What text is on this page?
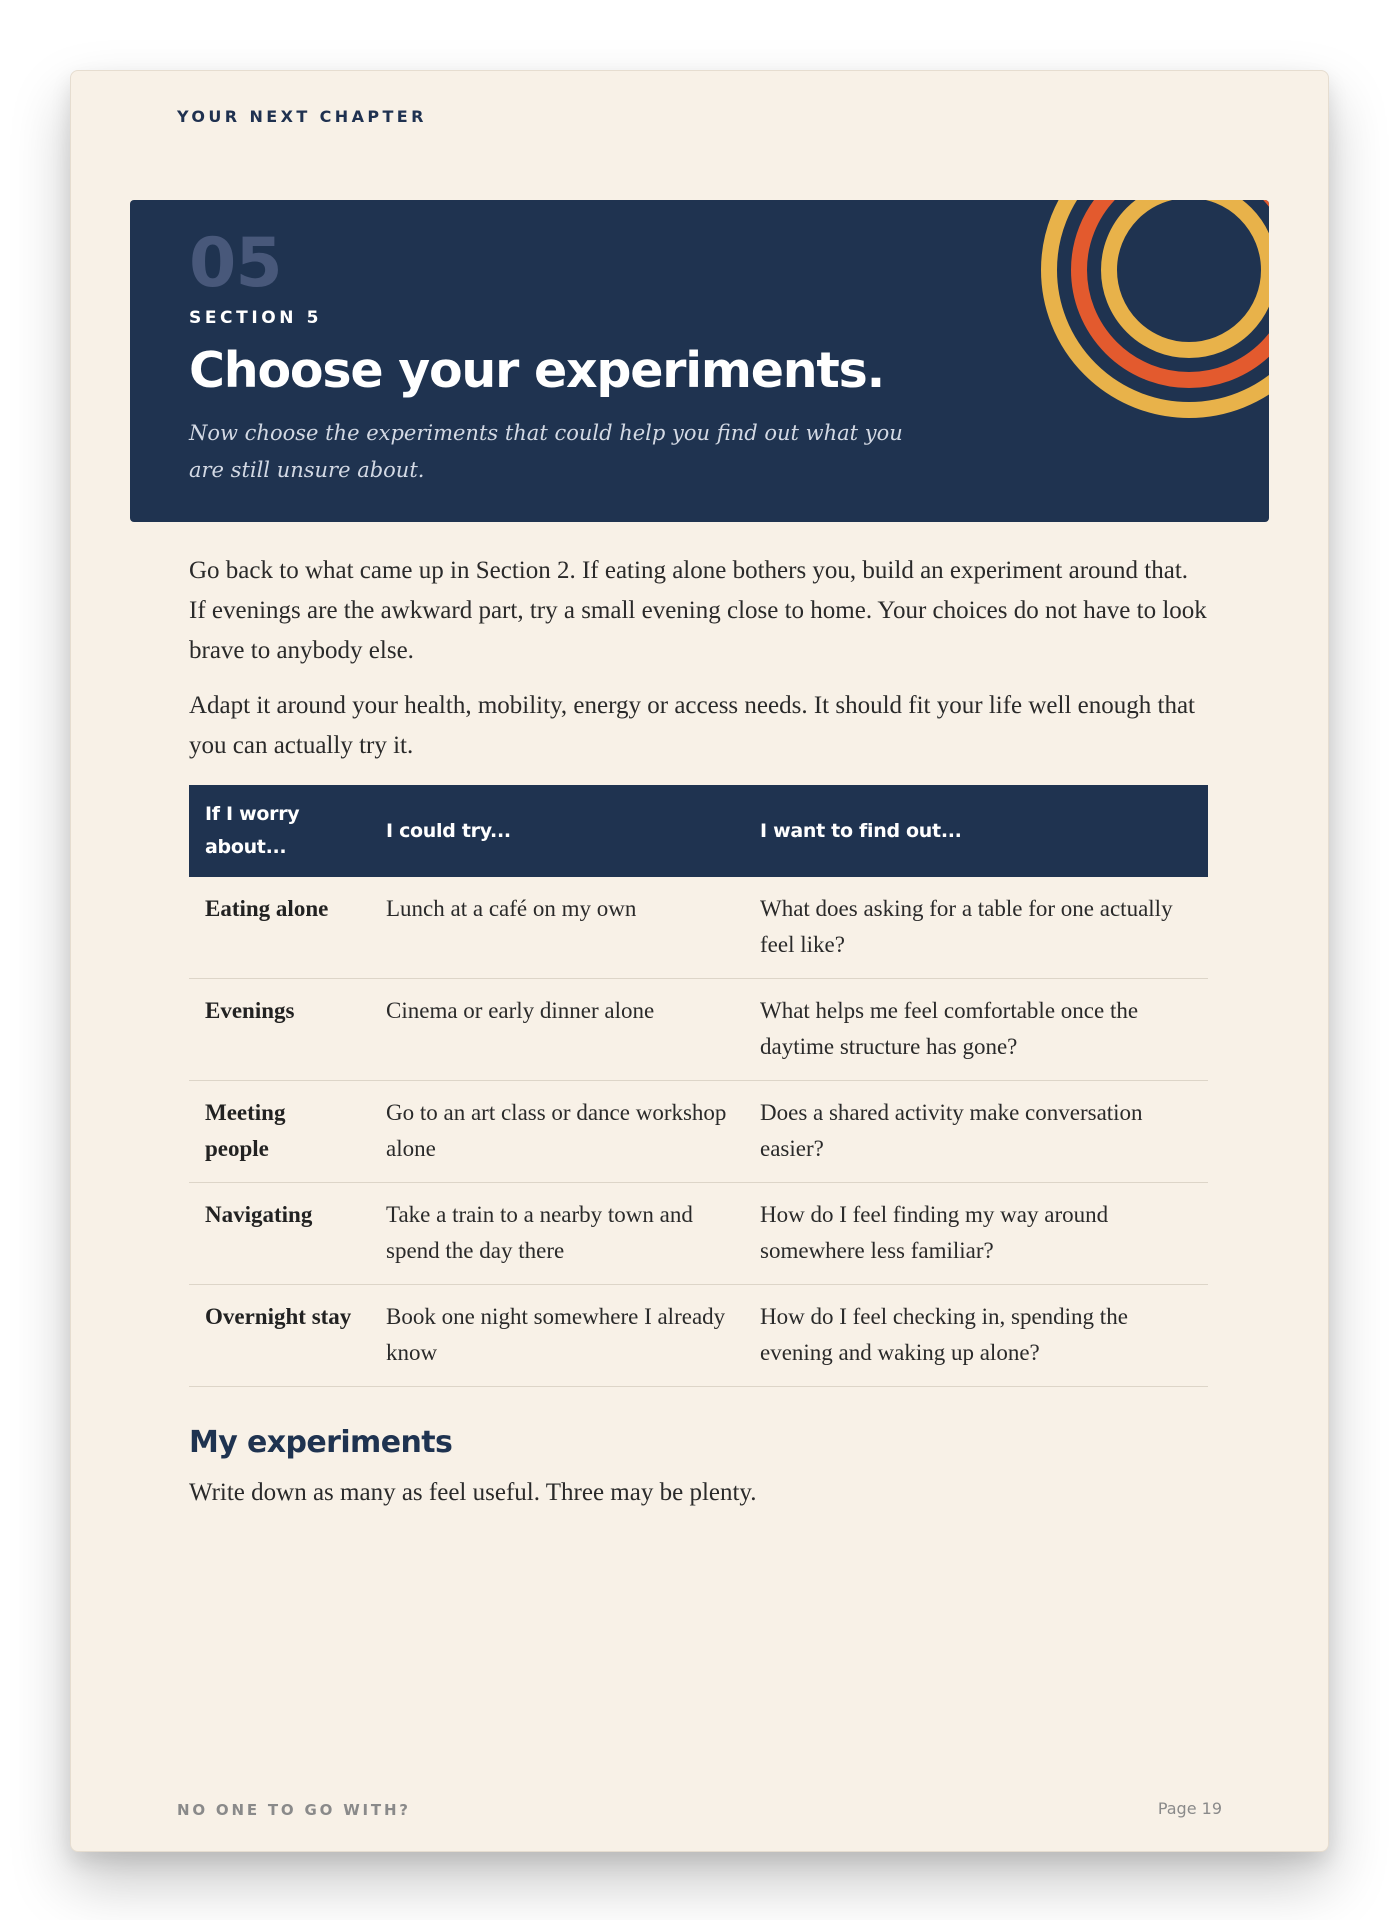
YOUR NEXT CHAPTER
05
SECTION 5
Choose your experiments.
Now choose the experiments that could help you find out what you are still unsure about.

Go back to what came up in Section 2. If eating alone bothers you, build an experiment around that. If evenings are the awkward part, try a small evening close to home. Your choices do not have to look brave to anybody else.

Adapt it around your health, mobility, energy or access needs. It should fit your life well enough that you can actually try it.

If I worry about...	I could try...	I want to find out...
Eating alone	Lunch at a café on my own	What does asking for a table for one actually feel like?
Evenings	Cinema or early dinner alone	What helps me feel comfortable once the daytime structure has gone?
Meeting people	Go to an art class or dance workshop alone	Does a shared activity make conversation easier?
Navigating	Take a train to a nearby town and spend the day there	How do I feel finding my way around somewhere less familiar?
Overnight stay	Book one night somewhere I already know	How do I feel checking in, spending the evening and waking up alone?
My experiments

Write down as many as feel useful. Three may be plenty.

NO ONE TO GO WITH?	Page 19
